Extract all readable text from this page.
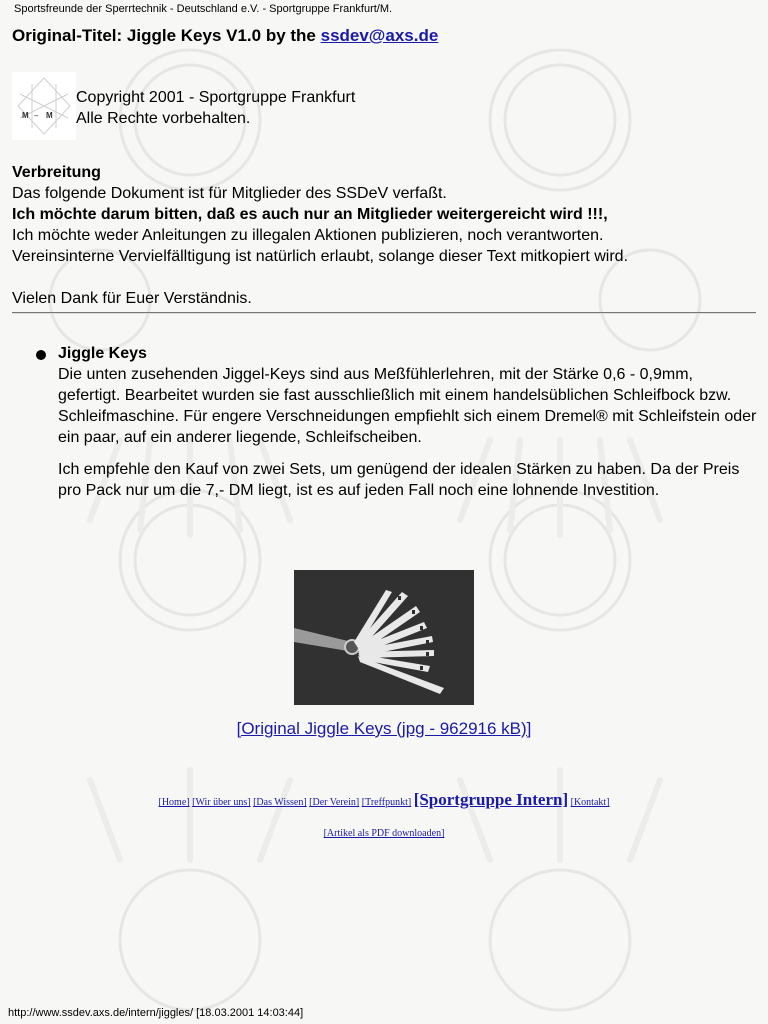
Sportsfreunde der Sperrtechnik - Deutschland e.V. - Sportgruppe Frankfurt/M.
Original-Titel: Jiggle Keys V1.0 by the ssdev@axs.de
M – M
Copyright 2001 - Sportgruppe Frankfurt
Alle Rechte vorbehalten.

Verbreitung

Das folgende Dokument ist für Mitglieder des SSDeV verfaßt.

Ich möchte darum bitten, daß es auch nur an Mitglieder weitergereicht wird !!!,

Ich möchte weder Anleitungen zu illegalen Aktionen publizieren, noch verantworten.

Vereinsinterne Vervielfälltigung ist natürlich erlaubt, solange dieser Text mitkopiert wird.

Vielen Dank für Euer Verständnis.

Jiggle Keys

Die unten zusehenden Jiggel-Keys sind aus Meßfühlerlehren, mit der Stärke 0,6 - 0,9mm, gefertigt. Bearbeitet wurden sie fast ausschließlich mit einem handelsüblichen Schleifbock bzw. Schleifmaschine. Für engere Verschneidungen empfiehlt sich einem Dremel® mit Schleifstein oder ein paar, auf ein anderer liegende, Schleifscheiben.

Ich empfehle den Kauf von zwei Sets, um genügend der idealen Stärken zu haben. Da der Preis pro Pack nur um die 7,- DM liegt, ist es auf jeden Fall noch eine lohnende Investition.

[Original Jiggle Keys (jpg - 962916 kB)]
[Home] [Wir über uns] [Das Wissen] [Der Verein] [Treffpunkt] [Sportgruppe Intern] [Kontakt]
[Artikel als PDF downloaden]
http://www.ssdev.axs.de/intern/jiggles/ [18.03.2001 14:03:44]
